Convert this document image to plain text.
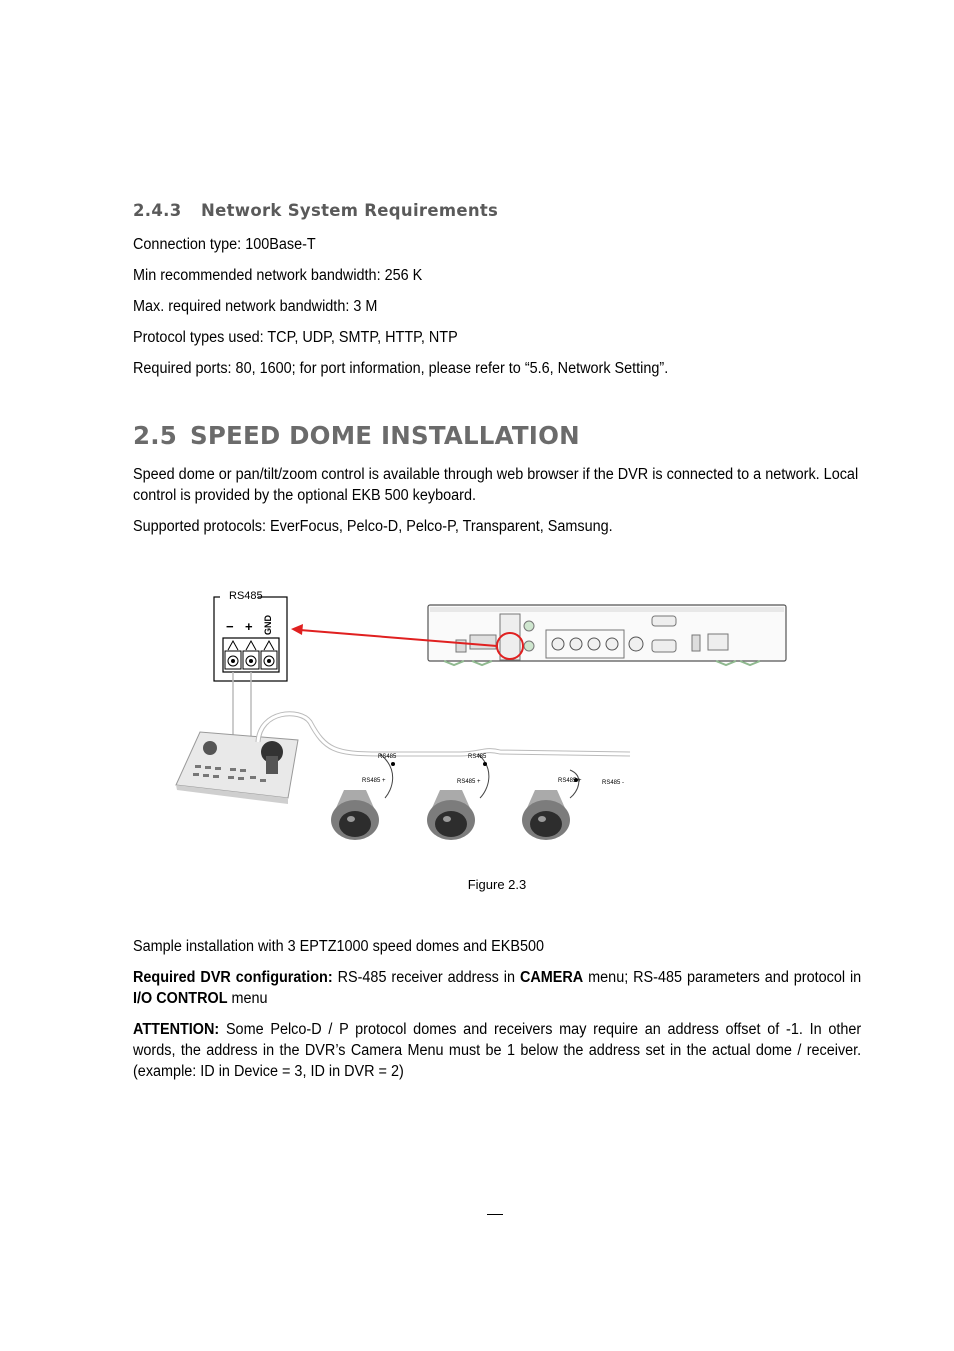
2.4.3 Network System Requirements
Connection type: 100Base-T
Min recommended network bandwidth: 256 K
Max. required network bandwidth: 3 M
Protocol types used: TCP, UDP, SMTP, HTTP, NTP
Required ports: 80, 1600; for port information, please refer to “5.6, Network Setting”.
2.5 SPEED DOME INSTALLATION
Speed dome or pan/tilt/zoom control is available through web browser if the DVR is connected to a network. Local control is provided by the optional EKB 500 keyboard.
Supported protocols: EverFocus, Pelco-D, Pelco-P, Transparent, Samsung.
RS485
− + GND
RS485	RS485
RS485 +	RS485 +	RS485 +	RS485 -
Figure 2.3
Sample installation with 3 EPTZ1000 speed domes and EKB500
Required DVR configuration: RS-485 receiver address in CAMERA menu; RS-485 parameters and protocol in I/O CONTROL menu
ATTENTION: Some Pelco-D / P protocol domes and receivers may require an address offset of -1. In other words, the address in the DVR’s Camera Menu must be 1 below the address set in the actual dome / receiver. (example: ID in Device = 3, ID in DVR = 2)
